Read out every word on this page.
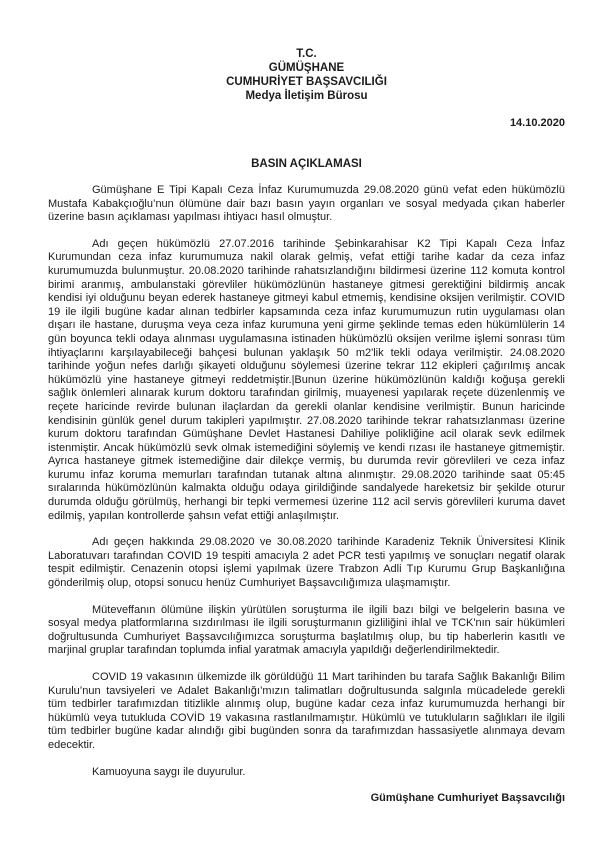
T.C.
GÜMÜŞHANE
CUMHURİYET BAŞSAVCILIĞI
Medya İletişim Bürosu
14.10.2020
BASIN AÇIKLAMASI

Gümüşhane E Tipi Kapalı Ceza İnfaz Kurumumuzda 29.08.2020 günü vefat eden hükümözlü Mustafa Kabakçıoğlu’nun ölümüne dair bazı basın yayın organları ve sosyal medyada çıkan haberler üzerine basın açıklaması yapılması ihtiyacı hasıl olmuştur.

Adı geçen hükümözlü 27.07.2016 tarihinde Şebinkarahisar K2 Tipi Kapalı Ceza İnfaz Kurumundan ceza infaz kurumumuza nakil olarak gelmiş, vefat ettiği tarihe kadar da ceza infaz kurumumuzda bulunmuştur. 20.08.2020 tarihinde rahatsızlandığını bildirmesi üzerine 112 komuta kontrol birimi aranmış, ambulanstaki görevliler hükümözlünün hastaneye gitmesi gerektiğini bildirmiş ancak kendisi iyi olduğunu beyan ederek hastaneye gitmeyi kabul etmemiş, kendisine oksijen verilmiştir. COVID 19 ile ilgili bugüne kadar alınan tedbirler kapsamında ceza infaz kurumumuzun rutin uygulaması olan dışarı ile hastane, duruşma veya ceza infaz kurumuna yeni girme şeklinde temas eden hükümlülerin 14 gün boyunca tekli odaya alınması uygulamasına istinaden hükümözlü oksijen verilme işlemi sonrası tüm ihtiyaçlarını karşılayabileceği bahçesi bulunan yaklaşık 50 m2'lik tekli odaya verilmiştir. 24.08.2020 tarihinde yoğun nefes darlığı şikayeti olduğunu söylemesi üzerine tekrar 112 ekipleri çağırılmış ancak hükümözlü yine hastaneye gitmeyi reddetmiştir.|Bunun üzerine hükümözlünün kaldığı koğuşa gerekli sağlık önlemleri alınarak kurum doktoru tarafından girilmiş, muayenesi yapılarak reçete düzenlenmiş ve reçete haricinde revirde bulunan ilaçlardan da gerekli olanlar kendisine verilmiştir. Bunun haricinde kendisinin günlük genel durum takipleri yapılmıştır. 27.08.2020 tarihinde tekrar rahatsızlanması üzerine kurum doktoru tarafından Gümüşhane Devlet Hastanesi Dahiliye polikliğine acil olarak sevk edilmek istenmiştir. Ancak hükümözlü sevk olmak istemediğini söylemiş ve kendi rızası ile hastaneye gitmemiştir. Ayrıca hastaneye gitmek istemediğine dair dilekçe vermiş, bu durumda revir görevlileri ve ceza infaz kurumu infaz koruma memurları tarafından tutanak altına alınmıştır. 29.08.2020 tarihinde saat 05:45 sıralarında hükümözlünün kalmakta olduğu odaya girildiğinde sandalyede hareketsiz bir şekilde oturur durumda olduğu görülmüş, herhangi bir tepki vermemesi üzerine 112 acil servis görevlileri kuruma davet edilmiş, yapılan kontrollerde şahsın vefat ettiği anlaşılmıştır.

Adı geçen hakkında 29.08.2020 ve 30.08.2020 tarihinde Karadeniz Teknik Üniversitesi Klinik Laboratuvarı tarafından COVID 19 tespiti amacıyla 2 adet PCR testi yapılmış ve sonuçları negatif olarak tespit edilmiştir. Cenazenin otopsi işlemi yapılmak üzere Trabzon Adli Tıp Kurumu Grup Başkanlığına gönderilmiş olup, otopsi sonucu henüz Cumhuriyet Başsavcılığımıza ulaşmamıştır.

Müteveffanın ölümüne ilişkin yürütülen soruşturma ile ilgili bazı bilgi ve belgelerin basına ve sosyal medya platformlarına sızdırılması ile ilgili soruşturmanın gizliliğini ihlal ve TCK'nın sair hükümleri doğrultusunda Cumhuriyet Başsavcılığımızca soruşturma başlatılmış olup, bu tip haberlerin kasıtlı ve marjinal gruplar tarafından toplumda infial yaratmak amacıyla yapıldığı değerlendirilmektedir.

COVID 19 vakasının ülkemizde ilk görüldüğü 11 Mart tarihinden bu tarafa Sağlık Bakanlığı Bilim Kurulu’nun tavsiyeleri ve Adalet Bakanlığı’mızın talimatları doğrultusunda salgınla mücadelede gerekli tüm tedbirler tarafımızdan titizlikle alınmış olup, bugüne kadar ceza infaz kurumumuzda herhangi bir hükümlü veya tutukluda COVİD 19 vakasına rastlanılmamıştır. Hükümlü ve tutukluların sağlıkları ile ilgili tüm tedbirler bugüne kadar alındığı gibi bugünden sonra da tarafımızdan hassasiyetle alınmaya devam edecektir.

Kamuoyuna saygı ile duyurulur.
Gümüşhane Cumhuriyet Başsavcılığı
